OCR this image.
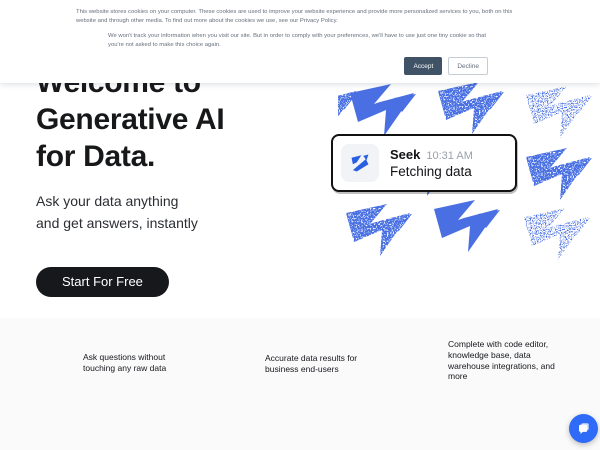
Generative AI
for Data.
Ask your data anything
and get answers, instantly
Start For Free
Seek 10:31 AM
Fetching data
Ask questions without touching any raw data
Accurate data results for business end-users
Complete with code editor, knowledge base, data warehouse integrations, and more

This website stores cookies on your computer. These cookies are used to improve your website experience and provide more personalized services to you, both on this website and through other media. To find out more about the cookies we use, see our Privacy Policy.

We won't track your information when you visit our site. But in order to comply with your preferences, we'll have to use just one tiny cookie so that you're not asked to make this choice again.

Accept	Decline
